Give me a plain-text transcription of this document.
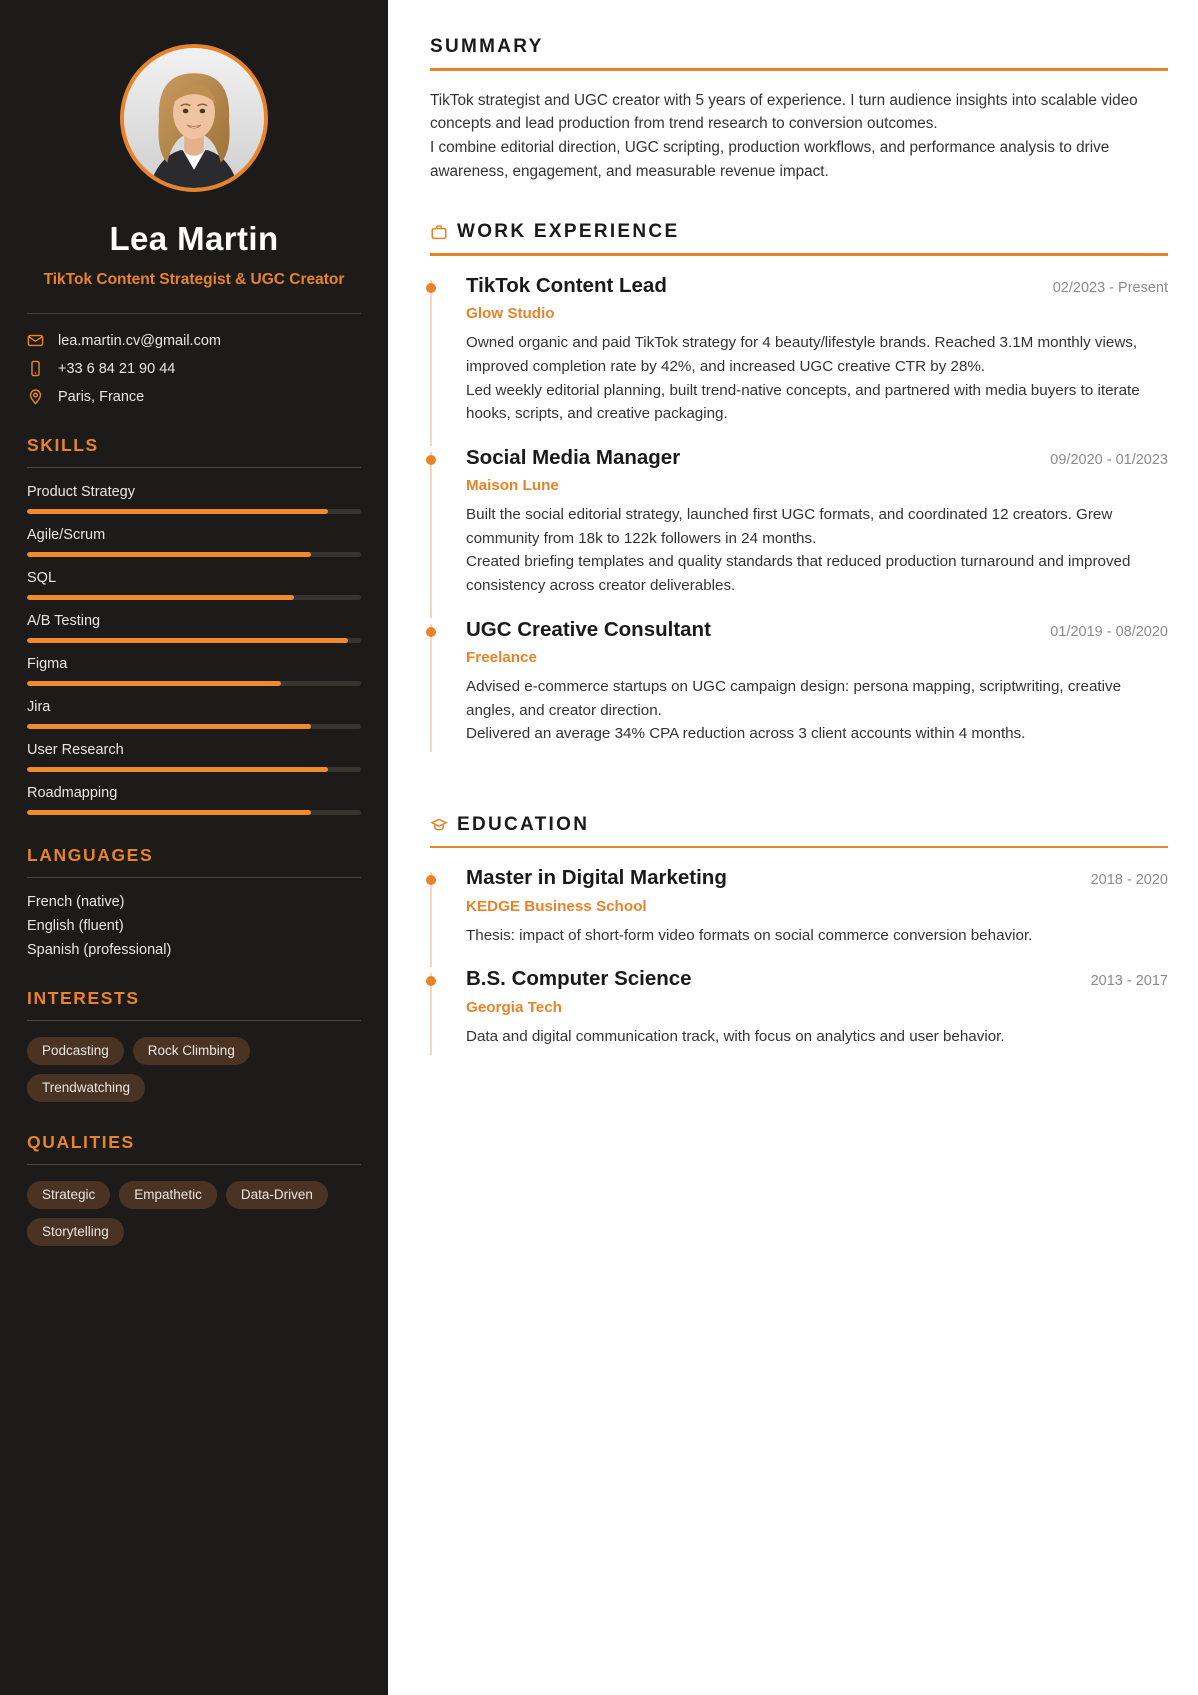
Lea Martin
TikTok Content Strategist & UGC Creator
lea.martin.cv@gmail.com
+33 6 84 21 90 44
Paris, France
SKILLS
Product Strategy
Agile/Scrum
SQL
A/B Testing
Figma
Jira
User Research
Roadmapping
LANGUAGES
French (native)
English (fluent)
Spanish (professional)
INTERESTS
Podcasting	Rock Climbing
Trendwatching
QUALITIES
Strategic	Empathetic	Data-Driven
Storytelling
SUMMARY

TikTok strategist and UGC creator with 5 years of experience. I turn audience insights into scalable video concepts and lead production from trend research to conversion outcomes.

I combine editorial direction, UGC scripting, production workflows, and performance analysis to drive awareness, engagement, and measurable revenue impact.

WORK EXPERIENCE
TikTok Content Lead	02/2023 - Present
Glow Studio

Owned organic and paid TikTok strategy for 4 beauty/lifestyle brands. Reached 3.1M monthly views, improved completion rate by 42%, and increased UGC creative CTR by 28%.

Led weekly editorial planning, built trend-native concepts, and partnered with media buyers to iterate hooks, scripts, and creative packaging.

Social Media Manager	09/2020 - 01/2023
Maison Lune

Built the social editorial strategy, launched first UGC formats, and coordinated 12 creators. Grew community from 18k to 122k followers in 24 months.

Created briefing templates and quality standards that reduced production turnaround and improved consistency across creator deliverables.

UGC Creative Consultant	01/2019 - 08/2020
Freelance

Advised e-commerce startups on UGC campaign design: persona mapping, scriptwriting, creative angles, and creator direction.

Delivered an average 34% CPA reduction across 3 client accounts within 4 months.

EDUCATION
Master in Digital Marketing	2018 - 2020
KEDGE Business School

Thesis: impact of short-form video formats on social commerce conversion behavior.

B.S. Computer Science	2013 - 2017
Georgia Tech

Data and digital communication track, with focus on analytics and user behavior.
